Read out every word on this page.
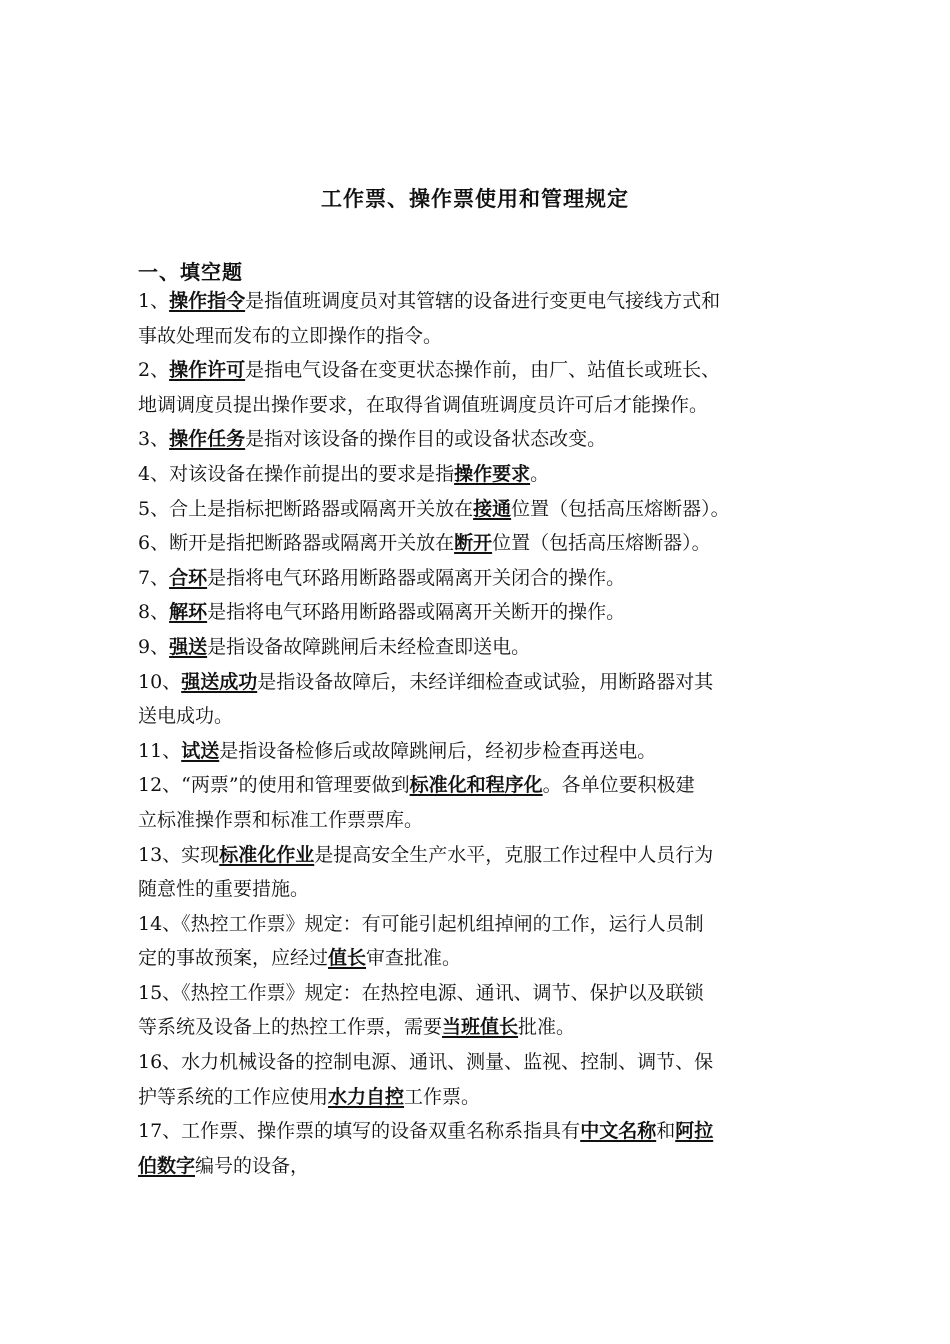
工作票、操作票使用和管理规定
一、填空题
1、操作指令是指值班调度员对其管辖的设备进行变更电气接线方式和
事故处理而发布的立即操作的指令。
2、操作许可是指电气设备在变更状态操作前，由厂、站值长或班长、
地调调度员提出操作要求，在取得省调值班调度员许可后才能操作。
3、操作任务是指对该设备的操作目的或设备状态改变。
4、对该设备在操作前提出的要求是指操作要求。
5、合上是指标把断路器或隔离开关放在接通位置（包括高压熔断器）。
6、断开是指把断路器或隔离开关放在断开位置（包括高压熔断器）。
7、合环是指将电气环路用断路器或隔离开关闭合的操作。
8、解环是指将电气环路用断路器或隔离开关断开的操作。
9、强送是指设备故障跳闸后未经检查即送电。
10、强送成功是指设备故障后，未经详细检查或试验，用断路器对其
送电成功。
11、试送是指设备检修后或故障跳闸后，经初步检查再送电。
12、“两票”的使用和管理要做到标准化和程序化。各单位要积极建
立标准操作票和标准工作票票库。
13、实现标准化作业是提高安全生产水平，克服工作过程中人员行为
随意性的重要措施。
14、《热控工作票》规定：有可能引起机组掉闸的工作，运行人员制
定的事故预案，应经过值长审查批准。
15、《热控工作票》规定：在热控电源、通讯、调节、保护以及联锁
等系统及设备上的热控工作票，需要当班值长批准。
16、水力机械设备的控制电源、通讯、测量、监视、控制、调节、保
护等系统的工作应使用水力自控工作票。
17、工作票、操作票的填写的设备双重名称系指具有中文名称和阿拉
伯数字编号的设备，
